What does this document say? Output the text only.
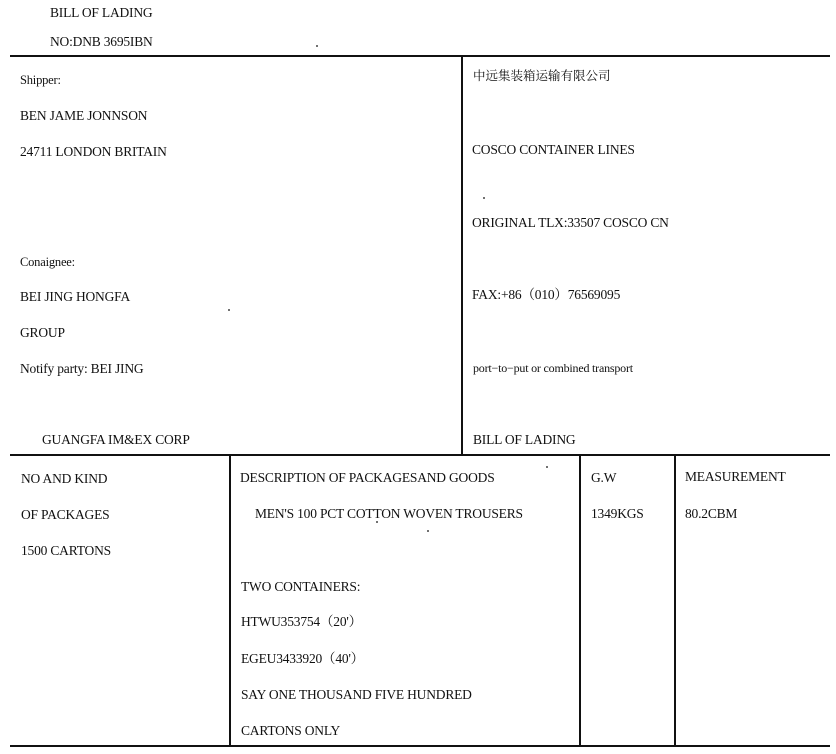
BILL OF LADING
NO:DNB 3695IBN
Shipper:
BEN JAME JONNSON
24711 LONDON BRITAIN
Conaignee:
BEI JING HONGFA
GROUP
Notify party: BEI JING
GUANGFA IM&EX CORP
中远集装箱运输有限公司
COSCO CONTAINER LINES
ORIGINAL TLX:33507 COSCO CN
FAX:+86（010）76569095
port−to−put or combined transport
BILL OF LADING
NO AND KIND
OF PACKAGES
1500 CARTONS
DESCRIPTION OF PACKAGESAND GOODS
MEN'S 100 PCT COTTON WOVEN TROUSERS
TWO CONTAINERS:
HTWU353754（20'）
EGEU3433920（40'）
SAY ONE THOUSAND FIVE HUNDRED
CARTONS ONLY
G.W
1349KGS
MEASUREMENT
80.2CBM
